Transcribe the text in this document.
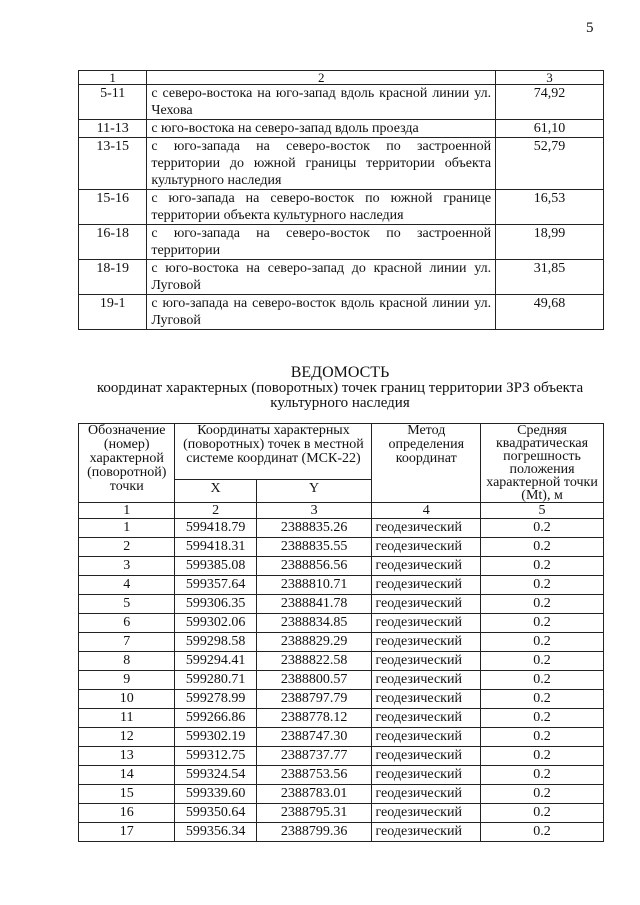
5
1	2	3
5-11	с северо-востока на юго-запад вдоль красной линии ул. Чехова	74,92
11-13	с юго-востока на северо-запад вдоль проезда	61,10
13-15	с юго-запада на северо-восток по застроенной территории до южной границы территории объекта культурного наследия	52,79
15-16	с юго-запада на северо-восток по южной границе территории объекта культурного наследия	16,53
16-18	с юго-запада на северо-восток по застроенной территории	18,99
18-19	с юго-востока на северо-запад до красной линии ул. Луговой	31,85
19-1	с юго-запада на северо-восток вдоль красной линии ул. Луговой	49,68
ВЕДОМОСТЬ
координат характерных (поворотных) точек границ территории ЗРЗ объекта
культурного наследия
Обозначение (номер) характерной (поворотной) точки	Координаты характерных (поворотных) точек в местной системе координат (МСК-22)		Метод определения координат	Средняя квадратическая погрешность положения характерной точки (Mt), м
	X	Y		
1	2	3	4	5
1	599418.79	2388835.26	геодезический	0.2
2	599418.31	2388835.55	геодезический	0.2
3	599385.08	2388856.56	геодезический	0.2
4	599357.64	2388810.71	геодезический	0.2
5	599306.35	2388841.78	геодезический	0.2
6	599302.06	2388834.85	геодезический	0.2
7	599298.58	2388829.29	геодезический	0.2
8	599294.41	2388822.58	геодезический	0.2
9	599280.71	2388800.57	геодезический	0.2
10	599278.99	2388797.79	геодезический	0.2
11	599266.86	2388778.12	геодезический	0.2
12	599302.19	2388747.30	геодезический	0.2
13	599312.75	2388737.77	геодезический	0.2
14	599324.54	2388753.56	геодезический	0.2
15	599339.60	2388783.01	геодезический	0.2
16	599350.64	2388795.31	геодезический	0.2
17	599356.34	2388799.36	геодезический	0.2
